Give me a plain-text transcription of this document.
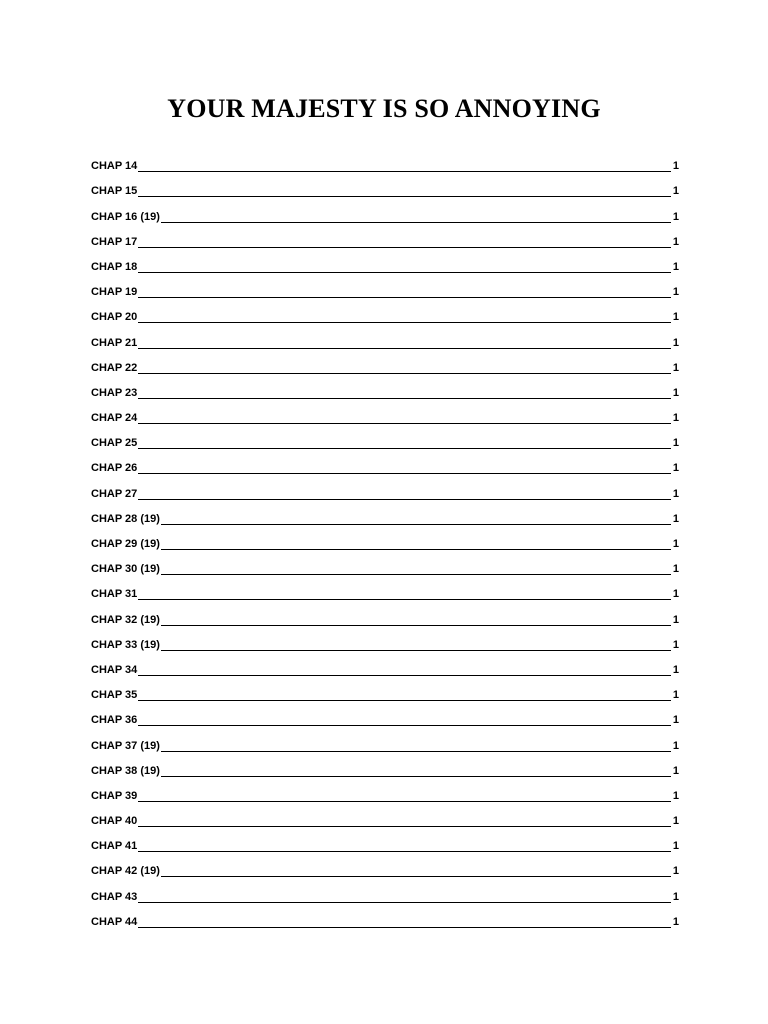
YOUR MAJESTY IS SO ANNOYING
CHAP 14	1
CHAP 15	1
CHAP 16 (19)	1
CHAP 17	1
CHAP 18	1
CHAP 19	1
CHAP 20	1
CHAP 21	1
CHAP 22	1
CHAP 23	1
CHAP 24	1
CHAP 25	1
CHAP 26	1
CHAP 27	1
CHAP 28 (19)	1
CHAP 29 (19)	1
CHAP 30 (19)	1
CHAP 31	1
CHAP 32 (19)	1
CHAP 33 (19)	1
CHAP 34	1
CHAP 35	1
CHAP 36	1
CHAP 37 (19)	1
CHAP 38 (19)	1
CHAP 39	1
CHAP 40	1
CHAP 41	1
CHAP 42 (19)	1
CHAP 43	1
CHAP 44	1
